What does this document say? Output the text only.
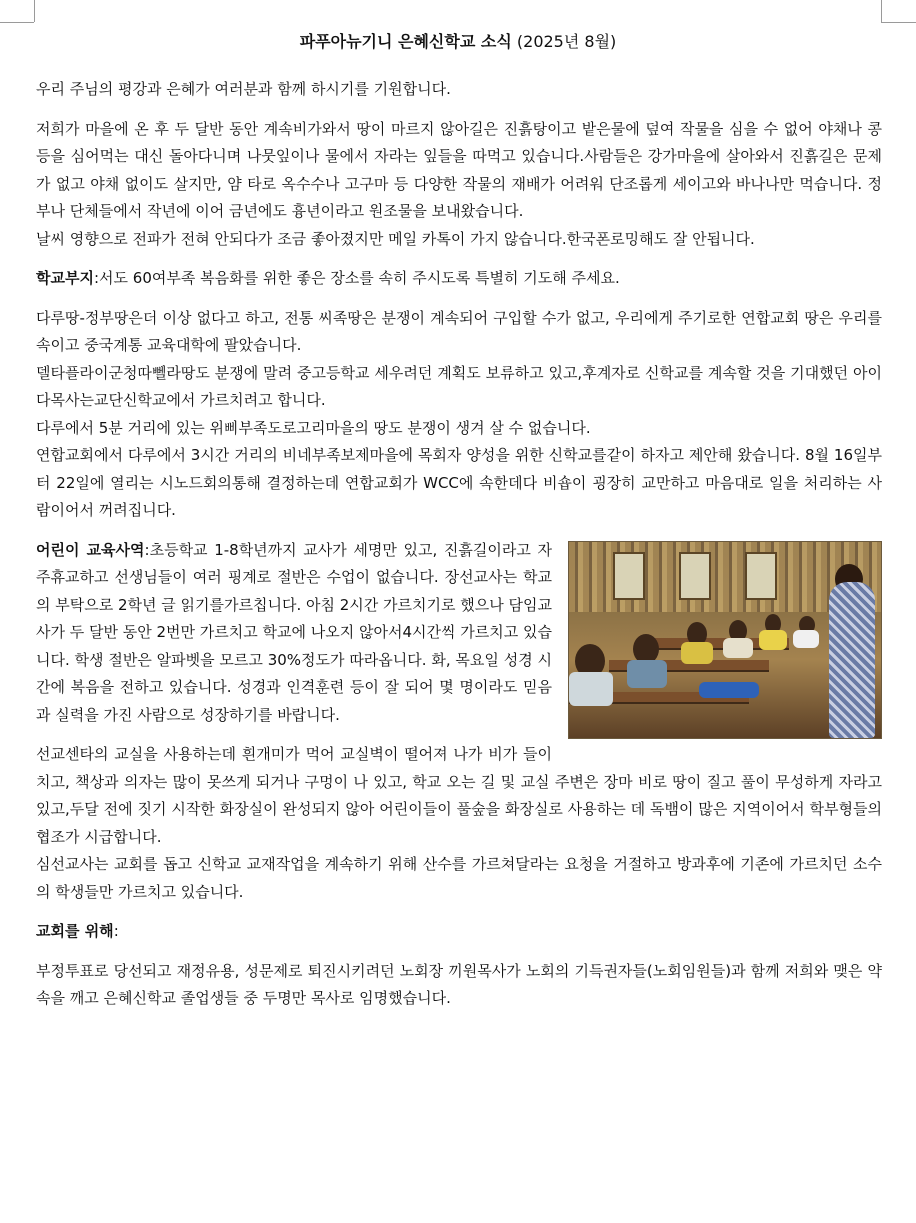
파푸아뉴기니 은혜신학교 소식 (2025년 8월)

우리 주님의 평강과 은혜가 여러분과 함께 하시기를 기원합니다.

저희가 마을에 온 후 두 달반 동안 계속비가와서 땅이 마르지 않아길은 진흙탕이고 밭은물에 덮여 작물을 심을 수 없어 야채나 콩 등을 심어먹는 대신 돌아다니며 나뭇잎이나 물에서 자라는 잎들을 따먹고 있습니다.사람들은 강가마을에 살아와서 진흙길은 문제가 없고 야채 없이도 살지만, 얌 타로 옥수수나 고구마 등 다양한 작물의 재배가 어려워 단조롭게 세이고와 바나나만 먹습니다. 정부나 단체들에서 작년에 이어 금년에도 흉년이라고 원조물을 보내왔습니다.

날씨 영향으로 전파가 전혀 안되다가 조금 좋아졌지만 메일 카톡이 가지 않습니다.한국폰로밍해도 잘 안됩니다.

학교부지:서도 60여부족 복음화를 위한 좋은 장소를 속히 주시도록 특별히 기도해 주세요.

다루땅-정부땅은더 이상 없다고 하고, 전통 씨족땅은 분쟁이 계속되어 구입할 수가 없고, 우리에게 주기로한 연합교회 땅은 우리를 속이고 중국계통 교육대학에 팔았습니다.

델타플라이군청따뻴라땅도 분쟁에 말려 중고등학교 세우려던 계획도 보류하고 있고,후계자로 신학교를 계속할 것을 기대했던 아이다목사는교단신학교에서 가르치려고 합니다.

다루에서 5분 거리에 있는 위삐부족도로고리마을의 땅도 분쟁이 생겨 살 수 없습니다.

연합교회에서 다루에서 3시간 거리의 비네부족보제마을에 목회자 양성을 위한 신학교를같이 하자고 제안해 왔습니다. 8월 16일부터 22일에 열리는 시노드회의통해 결정하는데 연합교회가 WCC에 속한데다 비숍이 굉장히 교만하고 마음대로 일을 처리하는 사람이어서 꺼려집니다.

어린이 교육사역:초등학교 1-8학년까지 교사가 세명만 있고, 진흙길이라고 자주휴교하고 선생님들이 여러 핑계로 절반은 수업이 없습니다. 장선교사는 학교의 부탁으로 2학년 글 읽기를가르칩니다. 아침 2시간 가르치기로 했으나 담임교사가 두 달반 동안 2번만 가르치고 학교에 나오지 않아서4시간씩 가르치고 있습니다. 학생 절반은 알파벳을 모르고 30%정도가 따라옵니다. 화, 목요일 성경 시간에 복음을 전하고 있습니다. 성경과 인격훈련 등이 잘 되어 몇 명이라도 믿음과 실력을 가진 사람으로 성장하기를 바랍니다.

선교센타의 교실을 사용하는데 흰개미가 먹어 교실벽이 떨어져 나가 비가 들이치고, 책상과 의자는 많이 못쓰게 되거나 구멍이 나 있고, 학교 오는 길 및 교실 주변은 장마 비로 땅이 질고 풀이 무성하게 자라고 있고,두달 전에 짓기 시작한 화장실이 완성되지 않아 어린이들이 풀숲을 화장실로 사용하는 데 독뱀이 많은 지역이어서 학부형들의 협조가 시급합니다.

심선교사는 교회를 돕고 신학교 교재작업을 계속하기 위해 산수를 가르쳐달라는 요청을 거절하고 방과후에 기존에 가르치던 소수의 학생들만 가르치고 있습니다.

교회를 위해:

부정투표로 당선되고 재정유용, 성문제로 퇴진시키려던 노회장 끼원목사가 노회의 기득권자들(노회임원들)과 함께 저희와 맺은 약속을 깨고 은혜신학교 졸업생들 중 두명만 목사로 임명했습니다.
